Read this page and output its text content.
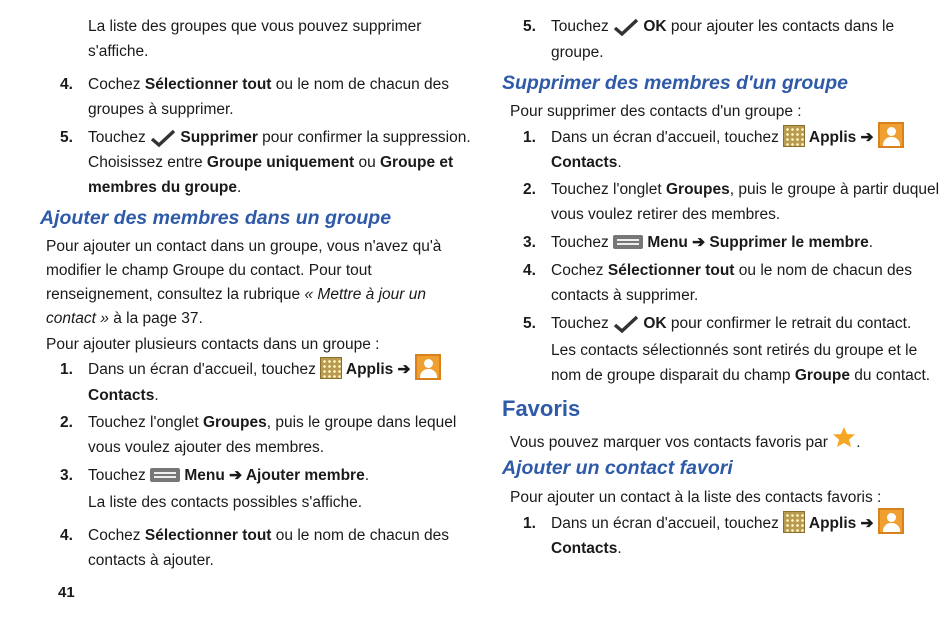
La liste des groupes que vous pouvez supprimer

s'affiche.

4. Cochez Sélectionner tout ou le nom de chacun des

groupes à supprimer.

5. Touchez
Supprimer pour confirmer la suppression.

Choisissez entre Groupe uniquement ou Groupe et

membres du groupe.

Ajouter des membres dans un groupe

Pour ajouter un contact dans un groupe, vous n'avez qu'à

modifier le champ Groupe du contact. Pour tout

renseignement, consultez la rubrique « Mettre à jour un

contact » à la page 37.

Pour ajouter plusieurs contacts dans un groupe :

1. Dans un écran d'accueil, touchez  Applis ➔

Contacts.

2. Touchez l'onglet Groupes, puis le groupe dans lequel

vous voulez ajouter des membres.

3. Touchez  Menu ➔ Ajouter membre.

La liste des contacts possibles s'affiche.

4. Cochez Sélectionner tout ou le nom de chacun des

contacts à ajouter.

41
5. Touchez
OK pour ajouter les contacts dans le

groupe.

Supprimer des membres d'un groupe

Pour supprimer des contacts d'un groupe :

1. Dans un écran d'accueil, touchez  Applis ➔

Contacts.

2. Touchez l'onglet Groupes, puis le groupe à partir duquel

vous voulez retirer des membres.

3. Touchez  Menu ➔ Supprimer le membre.

4. Cochez Sélectionner tout ou le nom de chacun des

contacts à supprimer.

5. Touchez
OK pour confirmer le retrait du contact.

Les contacts sélectionnés sont retirés du groupe et le

nom de groupe disparait du champ Groupe du contact.

Favoris

Vous pouvez marquer vos contacts favoris par .

Ajouter un contact favori

Pour ajouter un contact à la liste des contacts favoris :

1. Dans un écran d'accueil, touchez  Applis ➔

Contacts.
